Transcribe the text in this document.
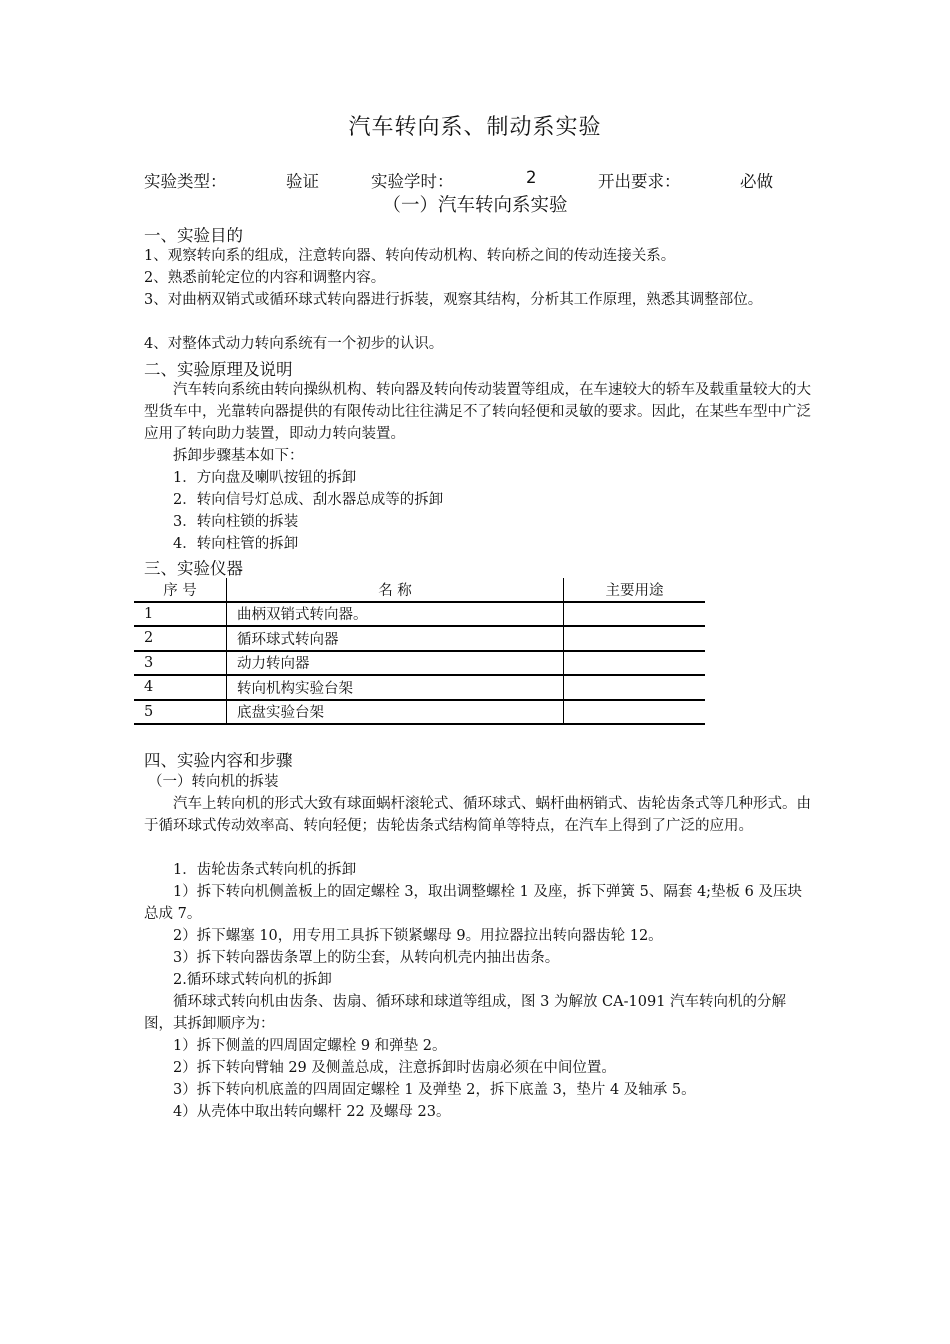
汽车转向系、制动系实验
实验类型：	验证	实验学时：	2	开出要求：	必做
（一）汽车转向系实验
一、实验目的
1、观察转向系的组成，注意转向器、转向传动机构、转向桥之间的传动连接关系。
2、熟悉前轮定位的内容和调整内容。
3、对曲柄双销式或循环球式转向器进行拆装，观察其结构，分析其工作原理，熟悉其调整部位。
4、对整体式动力转向系统有一个初步的认识。
二、实验原理及说明
汽车转向系统由转向操纵机构、转向器及转向传动装置等组成，在车速较大的轿车及载重量较大的大型货车中，光靠转向器提供的有限传动比往往满足不了转向轻便和灵敏的要求。因此，在某些车型中广泛应用了转向助力装置，即动力转向装置。
拆卸步骤基本如下：
1．方向盘及喇叭按钮的拆卸
2．转向信号灯总成、刮水器总成等的拆卸
3．转向柱锁的拆装
4．转向柱管的拆卸
三、实验仪器
序 号	名 称	主要用途
1	曲柄双销式转向器。	
2	循环球式转向器	
3	动力转向器	
4	转向机构实验台架	
5	底盘实验台架	
四、实验内容和步骤
（一）转向机的拆装
汽车上转向机的形式大致有球面蜗杆滚轮式、循环球式、蜗杆曲柄销式、齿轮齿条式等几种形式。由于循环球式传动效率高、转向轻便；齿轮齿条式结构简单等特点，在汽车上得到了广泛的应用。
1．齿轮齿条式转向机的拆卸
1）拆下转向机侧盖板上的固定螺栓 3，取出调整螺栓 1 及座，拆下弹簧 5、隔套 4;垫板 6 及压块总成 7。
2）拆下螺塞 10，用专用工具拆下锁紧螺母 9。用拉器拉出转向器齿轮 12。
3）拆下转向器齿条罩上的防尘套，从转向机壳内抽出齿条。
2.循环球式转向机的拆卸
循环球式转向机由齿条、齿扇、循环球和球道等组成，图 3 为解放 CA-1091 汽车转向机的分解图，其拆卸顺序为：
1）拆下侧盖的四周固定螺栓 9 和弹垫 2。
2）拆下转向臂轴 29 及侧盖总成，注意拆卸时齿扇必须在中间位置。
3）拆下转向机底盖的四周固定螺栓 1 及弹垫 2，拆下底盖 3，垫片 4 及轴承 5。
4）从壳体中取出转向螺杆 22 及螺母 23。
